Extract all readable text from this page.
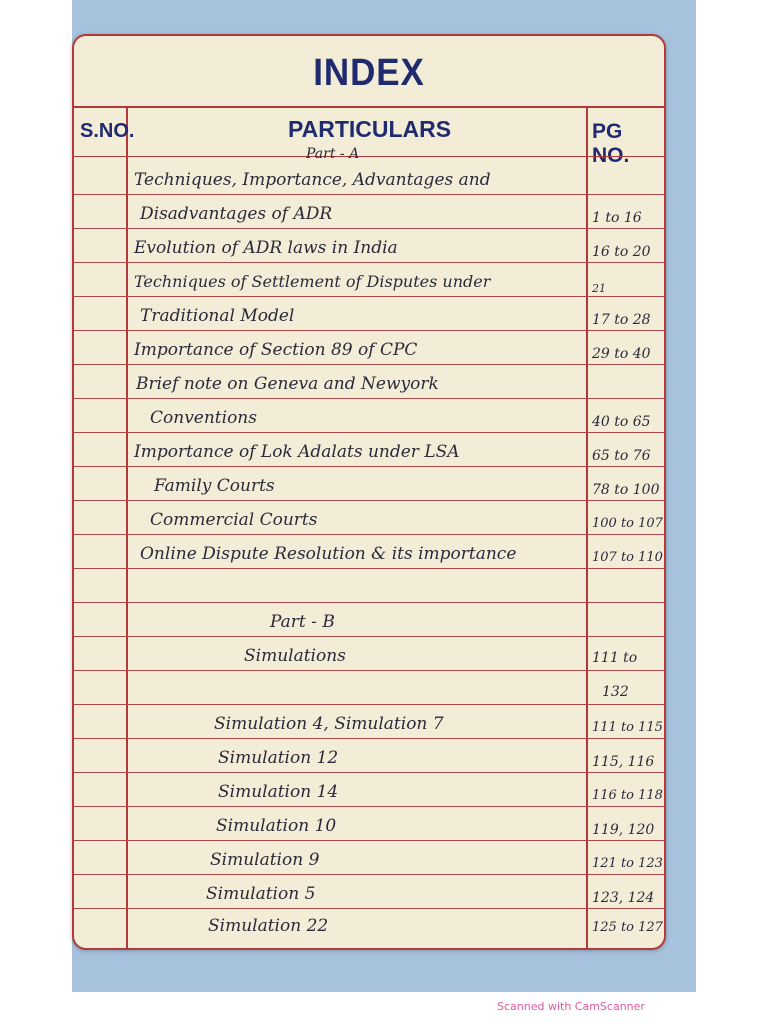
INDEX
S.NO.	PARTICULARS	PG NO.
Part - A
Techniques, Importance, Advantages and
Disadvantages of ADR	1 to 16
Evolution of ADR laws in India	16 to 20
Techniques of Settlement of Disputes under	21
Traditional Model	17 to 28
Importance of Section 89 of CPC	29 to 40
Brief note on Geneva and Newyork
Conventions	40 to 65
Importance of Lok Adalats under LSA	65 to 76
Family Courts	78 to 100
Commercial Courts	100 to 107
Online Dispute Resolution & its importance	107 to 110
Part - B
Simulations	111 to
132
Simulation 4, Simulation 7	111 to 115
Simulation 12	115, 116
Simulation 14	116 to 118
Simulation 10	119, 120
Simulation 9	121 to 123
Simulation 5	123, 124
Simulation 22	125 to 127
Scanned with CamScanner
